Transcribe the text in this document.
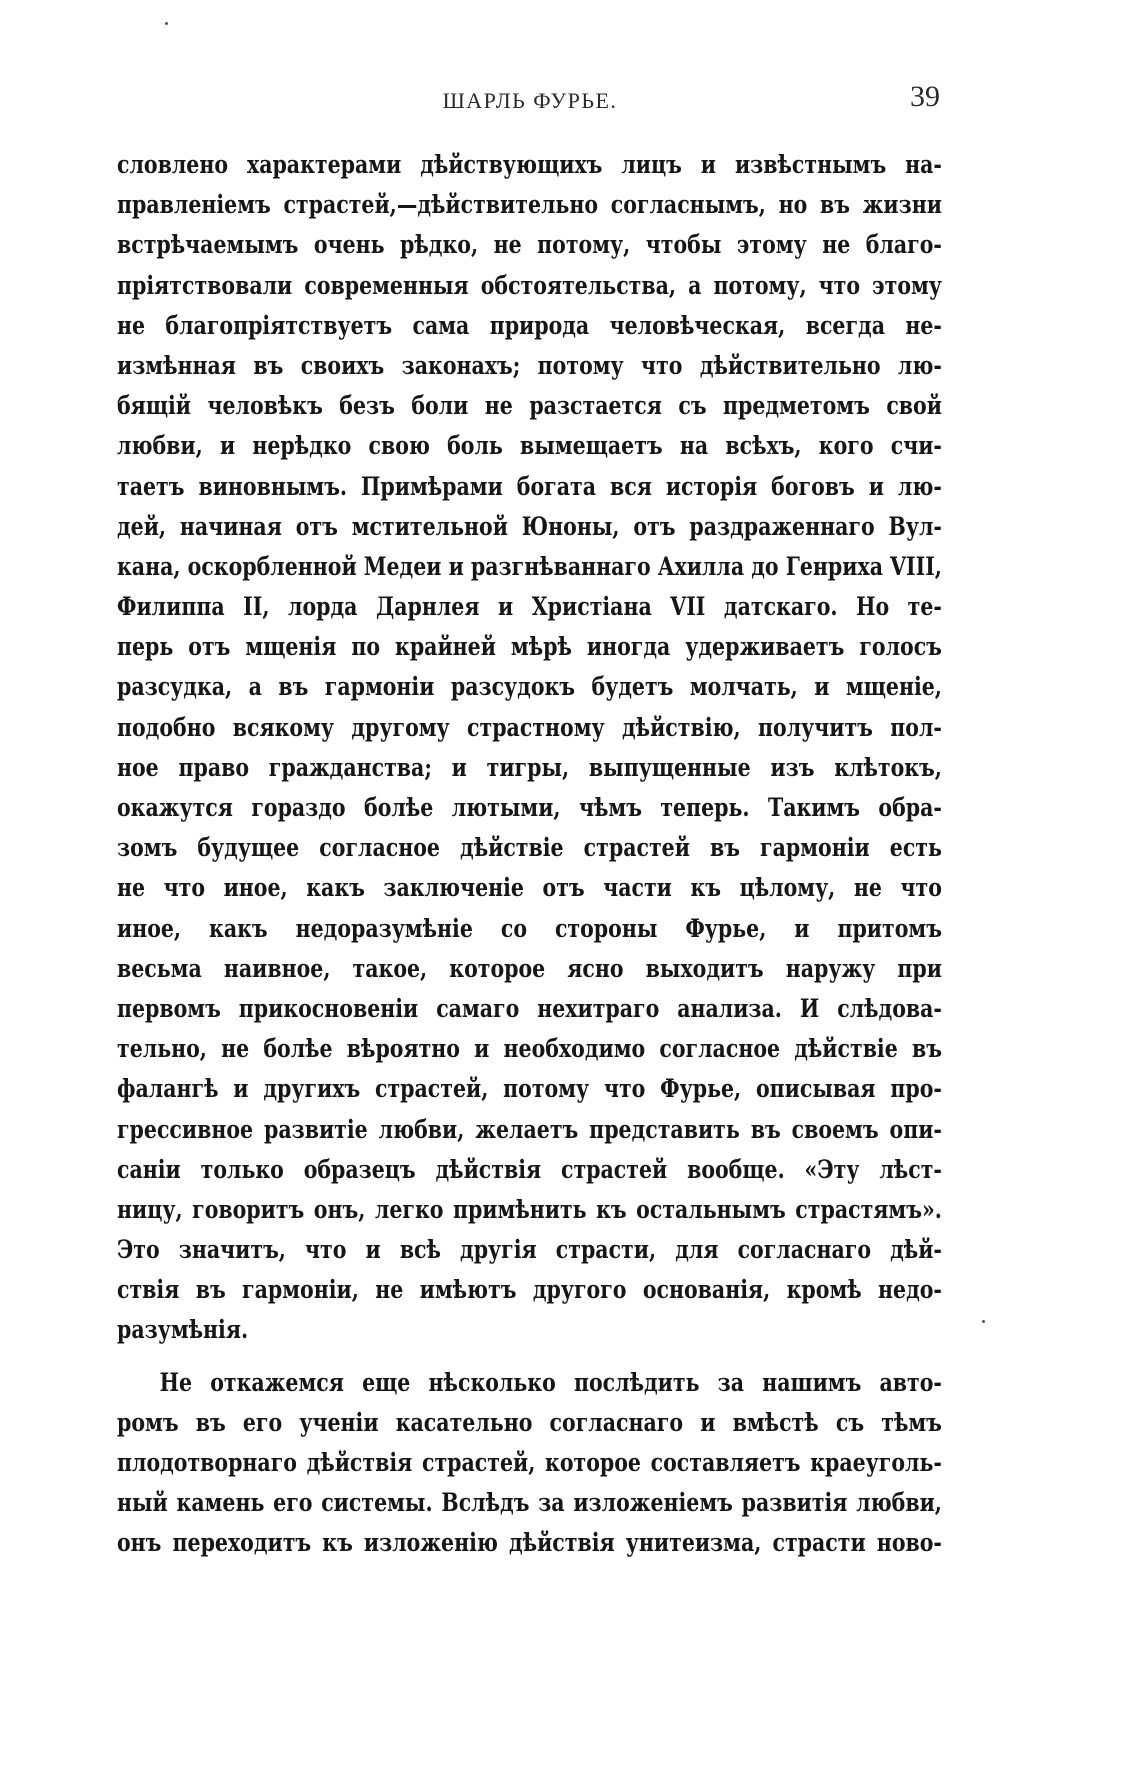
ШАРЛЬ ФУРЬЕ.	39
словлено характерами дѣйствующихъ лицъ и извѣстнымъ на-
правленіемъ страстей,—дѣйствительно согласнымъ, но въ жизни
встрѣчаемымъ очень рѣдко, не потому, чтобы этому не благо-
пріятствовали современныя обстоятельства, а потому, что этому
не благопріятствуетъ сама природа человѣческая, всегда не-
измѣнная въ своихъ законахъ; потому что дѣйствительно лю-
бящій человѣкъ безъ боли не разстается съ предметомъ свой
любви, и нерѣдко свою боль вымещаетъ на всѣхъ, кого счи-
таетъ виновнымъ. Примѣрами богата вся исторія боговъ и лю-
дей, начиная отъ мстительной Юноны, отъ раздраженнаго Вул-
кана, оскорбленной Медеи и разгнѣваннаго Ахилла до Генриха VIII,
Филиппа II, лорда Дарнлея и Христіана VII датскаго. Но те-
перь отъ мщенія по крайней мѣрѣ иногда удерживаетъ голосъ
разсудка, а въ гармоніи разсудокъ будетъ молчать, и мщеніе,
подобно всякому другому страстному дѣйствію, получитъ пол-
ное право гражданства; и тигры, выпущенные изъ клѣтокъ,
окажутся гораздо болѣе лютыми, чѣмъ теперь. Такимъ обра-
зомъ будущее согласное дѣйствіе страстей въ гармоніи есть
не что иное, какъ заключеніе отъ части къ цѣлому, не что
иное, какъ недоразумѣніе со стороны Фурье, и притомъ
весьма наивное, такое, которое ясно выходитъ наружу при
первомъ прикосновеніи самаго нехитраго анализа. И слѣдова-
тельно, не болѣе вѣроятно и необходимо согласное дѣйствіе въ
фалангѣ и другихъ страстей, потому что Фурье, описывая про-
грессивное развитіе любви, желаетъ представить въ своемъ опи-
саніи только образецъ дѣйствія страстей вообще. «Эту лѣст-
ницу, говоритъ онъ, легко примѣнить къ остальнымъ страстямъ».
Это значитъ, что и всѣ другія страсти, для согласнаго дѣй-
ствія въ гармоніи, не имѣютъ другого основанія, кромѣ недо-
разумѣнія.
Не откажемся еще нѣсколько послѣдить за нашимъ авто-
ромъ въ его ученіи касательно согласнаго и вмѣстѣ съ тѣмъ
плодотворнаго дѣйствія страстей, которое составляетъ краеуголь-
ный камень его системы. Вслѣдъ за изложеніемъ развитія любви,
онъ переходитъ къ изложенію дѣйствія унитеизма, страсти ново-
